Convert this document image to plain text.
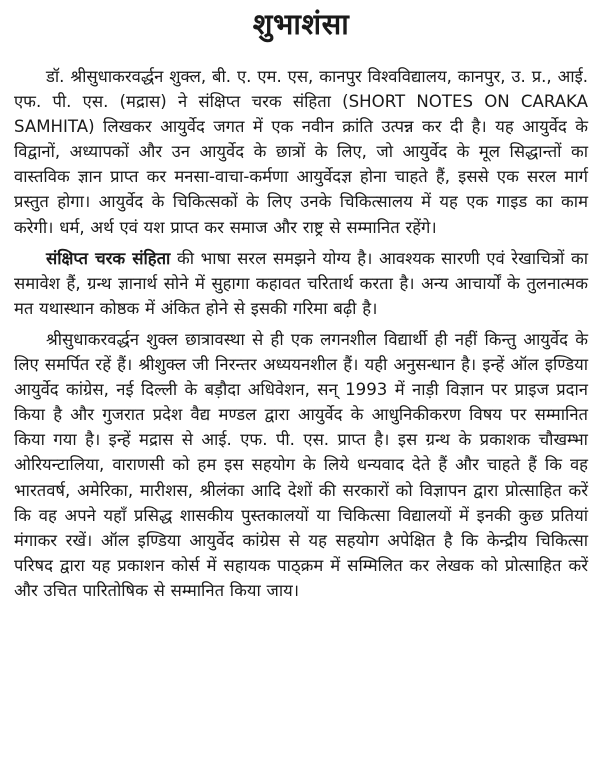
शुभाशंसा

डॉ. श्रीसुधाकरवर्द्धन शुक्ल, बी. ए. एम. एस, कानपुर विश्वविद्यालय, कानपुर, उ. प्र., आई. एफ. पी. एस. (मद्रास) ने संक्षिप्त चरक संहिता (SHORT NOTES ON CARAKA SAMHITA) लिखकर आयुर्वेद जगत में एक नवीन क्रांति उत्पन्न कर दी है। यह आयुर्वेद के विद्वानों, अध्यापकों और उन आयुर्वेद के छात्रों के लिए, जो आयुर्वेद के मूल सिद्धान्तों का वास्तविक ज्ञान प्राप्त कर मनसा-वाचा-कर्मणा आयुर्वेदज्ञ होना चाहते हैं, इससे एक सरल मार्ग प्रस्तुत होगा। आयुर्वेद के चिकित्सकों के लिए उनके चिकित्सालय में यह एक गाइड का काम करेगी। धर्म, अर्थ एवं यश प्राप्त कर समाज और राष्ट्र से सम्मानित रहेंगे।

संक्षिप्त चरक संहिता की भाषा सरल समझने योग्य है। आवश्यक सारणी एवं रेखाचित्रों का समावेश हैं, ग्रन्थ ज्ञानार्थ सोने में सुहागा कहावत चरितार्थ करता है। अन्य आचार्यों के तुलनात्मक मत यथास्थान कोष्ठक में अंकित होने से इसकी गरिमा बढ़ी है।

श्रीसुधाकरवर्द्धन शुक्ल छात्रावस्था से ही एक लगनशील विद्यार्थी ही नहीं किन्तु आयुर्वेद के लिए समर्पित रहें हैं। श्रीशुक्ल जी निरन्तर अध्ययनशील हैं। यही अनुसन्धान है। इन्हें ऑल इण्डिया आयुर्वेद कांग्रेस, नई दिल्ली के बड़ौदा अधिवेशन, सन् 1993 में नाड़ी विज्ञान पर प्राइज प्रदान किया है और गुजरात प्रदेश वैद्य मण्डल द्वारा आयुर्वेद के आधुनिकीकरण विषय पर सम्मानित किया गया है। इन्हें मद्रास से आई. एफ. पी. एस. प्राप्त है। इस ग्रन्थ के प्रकाशक चौखम्भा ओरियन्टालिया, वाराणसी को हम इस सहयोग के लिये धन्यवाद देते हैं और चाहते हैं कि वह भारतवर्ष, अमेरिका, मारीशस, श्रीलंका आदि देशों की सरकारों को विज्ञापन द्वारा प्रोत्साहित करें कि वह अपने यहाँ प्रसिद्ध शासकीय पुस्तकालयों या चिकित्सा विद्यालयों में इनकी कुछ प्रतियां मंगाकर रखें। ऑल इण्डिया आयुर्वेद कांग्रेस से यह सहयोग अपेक्षित है कि केन्द्रीय चिकित्सा परिषद द्वारा यह प्रकाशन कोर्स में सहायक पाठ्क्रम में सम्मिलित कर लेखक को प्रोत्साहित करें और उचित पारितोषिक से सम्मानित किया जाय।
